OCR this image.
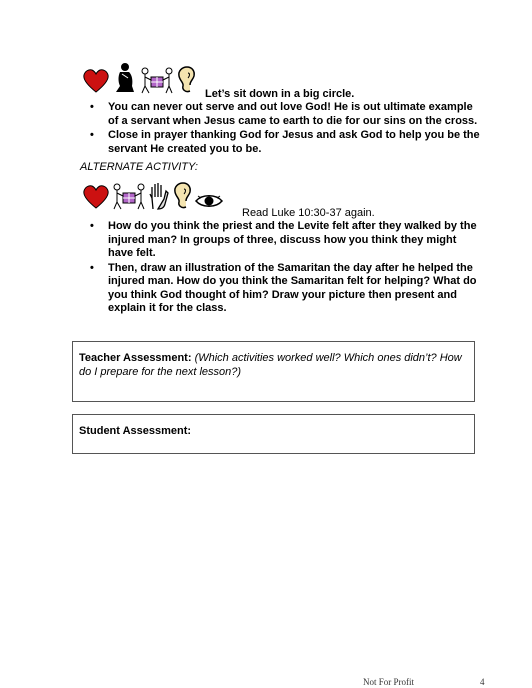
Let’s sit down in a big circle.
• You can never out serve and out love God! He is out ultimate example of a servant when Jesus came to earth to die for our sins on the cross.
• Close in prayer thanking God for Jesus and ask God to help you be the servant He created you to be.
ALTERNATE ACTIVITY:
Read Luke 10:30-37 again.
• How do you think the priest and the Levite felt after they walked by the injured man? In groups of three, discuss how you think they might have felt.
• Then, draw an illustration of the Samaritan the day after he helped the injured man. How do you think the Samaritan felt for helping? What do you think God thought of him? Draw your picture then present and explain it for the class.
Teacher Assessment: (Which activities worked well? Which ones didn’t? How do I prepare for the next lesson?)
Student Assessment:
Not For Profit	4
